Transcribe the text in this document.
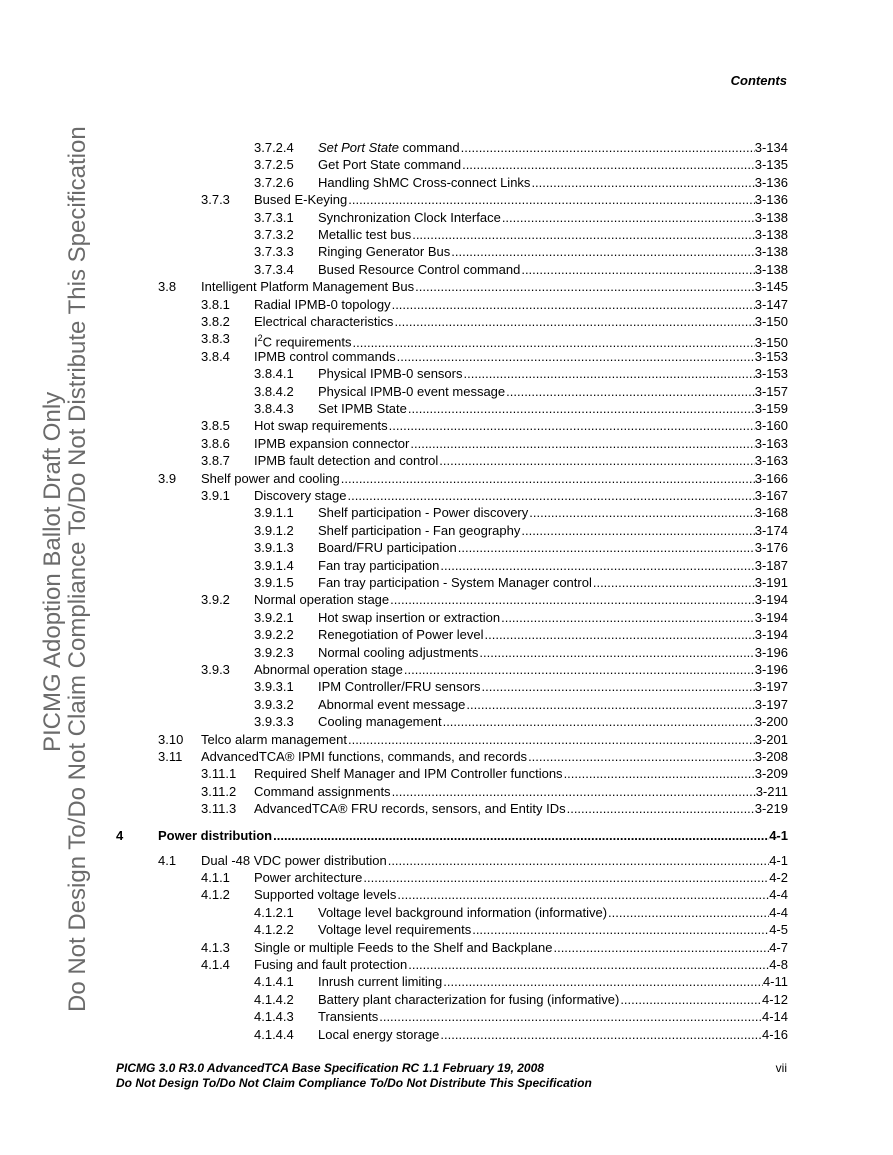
Contents
PICMG Adoption Ballot Draft Only
Do Not Design To/Do Not Claim Compliance To/Do Not Distribute This Specification	3.7.2.4 Set Port State command .....	3-134
3.7.2.5 Get Port State command .....	3-135
3.7.2.6 Handling ShMC Cross-connect Links .....	3-136
3.7.3 Bused E-Keying .....	3-136
3.7.3.1 Synchronization Clock Interface .....	3-138
3.7.3.2 Metallic test bus .....	3-138
3.7.3.3 Ringing Generator Bus .....	3-138
3.7.3.4 Bused Resource Control command .....	3-138
3.8 Intelligent Platform Management Bus .....	3-145
3.8.1 Radial IPMB-0 topology .....	3-147
3.8.2 Electrical characteristics .....	3-150
3.8.3 $I^2C$ requirements .....	3-150
3.8.4 IPMB control commands .....	3-153
3.8.4.1 Physical IPMB-0 sensors .....	3-153
3.8.4.2 Physical IPMB-0 event message .....	3-157
3.8.4.3 Set IPMB State .....	3-159
3.8.5 Hot swap requirements .....	3-160
3.8.6 IPMB expansion connector .....	3-163
3.8.7 IPMB fault detection and control .....	3-163
3.9 Shelf power and cooling .....	3-166
3.9.1 Discovery stage .....	3-167
3.9.1.1 Shelf participation - Power discovery .....	3-168
3.9.1.2 Shelf participation - Fan geography .....	3-174
3.9.1.3 Board/FRU participation .....	3-176
3.9.1.4 Fan tray participation .....	3-187
3.9.1.5 Fan tray participation - System Manager control .....	3-191
3.9.2 Normal operation stage .....	3-194
3.9.2.1 Hot swap insertion or extraction .....	3-194
3.9.2.2 Renegotiation of Power level .....	3-194
3.9.2.3 Normal cooling adjustments .....	3-196
3.9.3 Abnormal operation stage .....	3-196
3.9.3.1 IPM Controller/FRU sensors .....	3-197
3.9.3.2 Abnormal event message .....	3-197
3.9.3.3 Cooling management .....	3-200
3.10 Telco alarm management .....	3-201
3.11 AdvancedTCA® IPMI functions, commands, and records .....	3-208
3.11.1 Required Shelf Manager and IPM Controller functions .....	3-209
3.11.2 Command assignments .....	3-211
3.11.3 AdvancedTCA® FRU records, sensors, and Entity IDs .....	3-219
4	Power distribution .....	4-1
4.1 Dual -48 VDC power distribution .....	4-1
4.1.1 Power architecture .....	4-2
4.1.2 Supported voltage levels .....	4-4
4.1.2.1 Voltage level background information (informative) .....	4-4
4.1.2.2 Voltage level requirements .....	4-5
4.1.3 Single or multiple Feeds to the Shelf and Backplane .....	4-7
4.1.4 Fusing and fault protection .....	4-8
4.1.4.1 Inrush current limiting .....	4-11
4.1.4.2 Battery plant characterization for fusing (informative) .....	4-12
4.1.4.3 Transients .....	4-14
4.1.4.4 Local energy storage .....	4-16
PICMG 3.0 R3.0 AdvancedTCA Base Specification RC 1.1 February 19, 2008
Do Not Design To/Do Not Claim Compliance To/Do Not Distribute This Specification
vii
